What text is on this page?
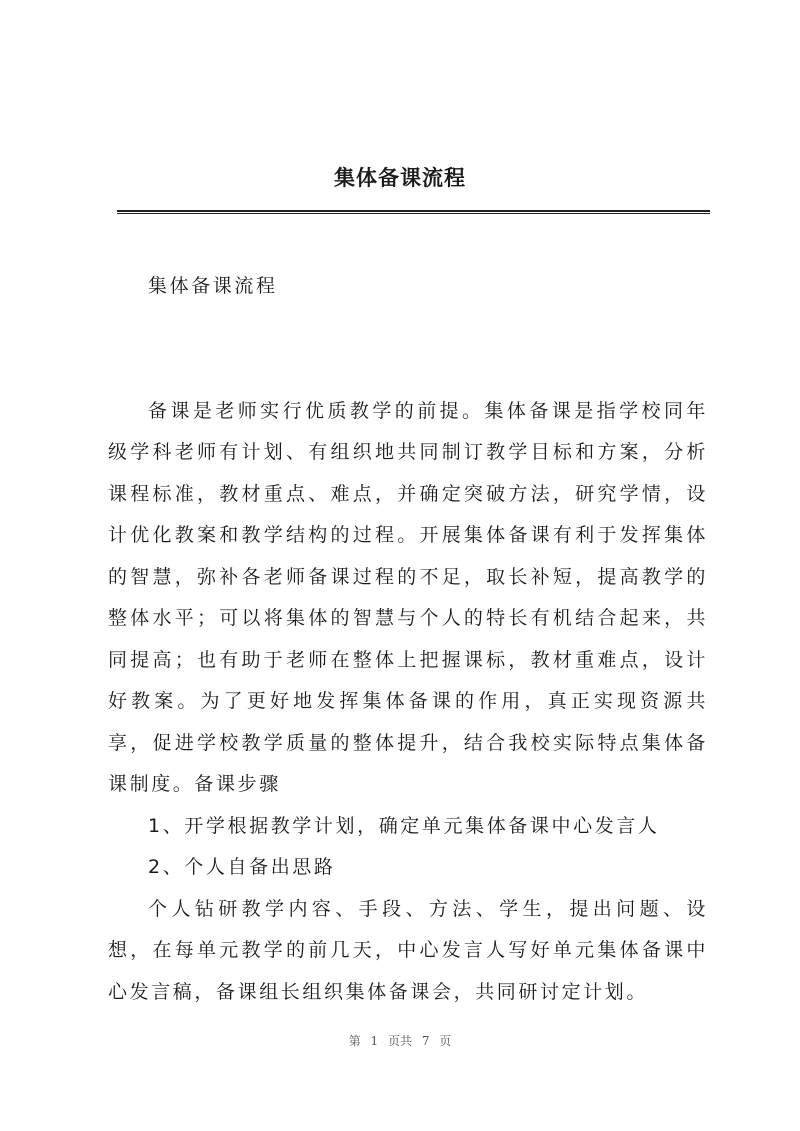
集体备课流程

集体备课流程

备课是老师实行优质教学的前提。集体备课是指学校同年级学科老师有计划、有组织地共同制订教学目标和方案，分析课程标准，教材重点、难点，并确定突破方法，研究学情，设计优化教案和教学结构的过程。开展集体备课有利于发挥集体的智慧，弥补各老师备课过程的不足，取长补短，提高教学的整体水平；可以将集体的智慧与个人的特长有机结合起来，共同提高；也有助于老师在整体上把握课标，教材重难点，设计好教案。为了更好地发挥集体备课的作用，真正实现资源共享，促进学校教学质量的整体提升，结合我校实际特点集体备课制度。备课步骤

1、开学根据教学计划，确定单元集体备课中心发言人

2、个人自备出思路

个人钻研教学内容、手段、方法、学生，提出问题、设想，在每单元教学的前几天，中心发言人写好单元集体备课中心发言稿，备课组长组织集体备课会，共同研讨定计划。

第 1 页共 7 页
